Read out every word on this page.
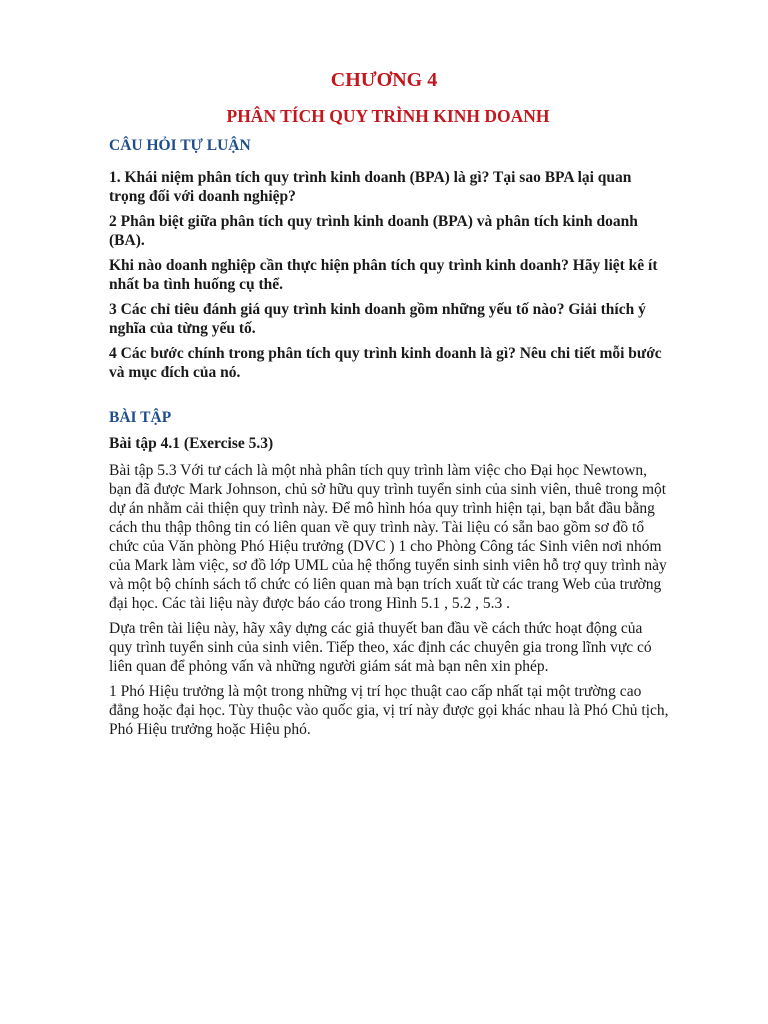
CHƯƠNG 4
PHÂN TÍCH QUY TRÌNH KINH DOANH
CÂU HỎI TỰ LUẬN

1. Khái niệm phân tích quy trình kinh doanh (BPA) là gì? Tại sao BPA lại quan trọng đối với doanh nghiệp?

2 Phân biệt giữa phân tích quy trình kinh doanh (BPA) và phân tích kinh doanh (BA).

Khi nào doanh nghiệp cần thực hiện phân tích quy trình kinh doanh? Hãy liệt kê ít nhất ba tình huống cụ thể.

3 Các chỉ tiêu đánh giá quy trình kinh doanh gồm những yếu tố nào? Giải thích ý nghĩa của từng yếu tố.

4 Các bước chính trong phân tích quy trình kinh doanh là gì? Nêu chi tiết mỗi bước và mục đích của nó.

BÀI TẬP
Bài tập 4.1 (Exercise 5.3)

Bài tập 5.3 Với tư cách là một nhà phân tích quy trình làm việc cho Đại học Newtown, bạn đã được Mark Johnson, chủ sở hữu quy trình tuyển sinh của sinh viên, thuê trong một dự án nhằm cải thiện quy trình này. Để mô hình hóa quy trình hiện tại, bạn bắt đầu bằng cách thu thập thông tin có liên quan về quy trình này. Tài liệu có sẵn bao gồm sơ đồ tổ chức của Văn phòng Phó Hiệu trưởng (DVC ) 1 cho Phòng Công tác Sinh viên nơi nhóm của Mark làm việc, sơ đồ lớp UML của hệ thống tuyển sinh sinh viên hỗ trợ quy trình này và một bộ chính sách tổ chức có liên quan mà bạn trích xuất từ các trang Web của trường đại học. Các tài liệu này được báo cáo trong Hình 5.1 , 5.2 , 5.3 .

Dựa trên tài liệu này, hãy xây dựng các giả thuyết ban đầu về cách thức hoạt động của quy trình tuyển sinh của sinh viên. Tiếp theo, xác định các chuyên gia trong lĩnh vực có liên quan để phỏng vấn và những người giám sát mà bạn nên xin phép.

1 Phó Hiệu trưởng là một trong những vị trí học thuật cao cấp nhất tại một trường cao đẳng hoặc đại học. Tùy thuộc vào quốc gia, vị trí này được gọi khác nhau là Phó Chủ tịch, Phó Hiệu trưởng hoặc Hiệu phó.
